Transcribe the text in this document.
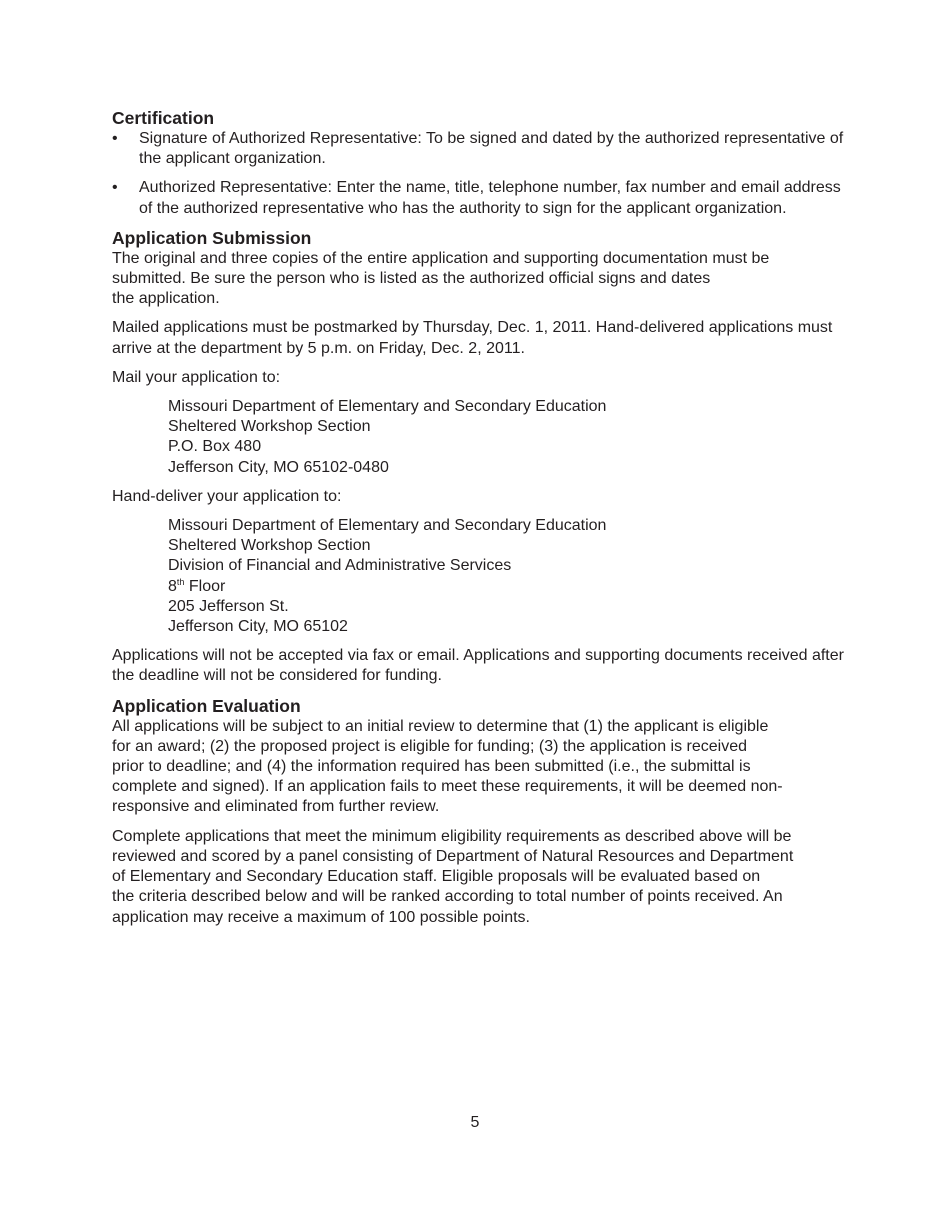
Certification
• Signature of Authorized Representative: To be signed and dated by the authorized representative of the applicant organization.
• Authorized Representative: Enter the name, title, telephone number, fax number and email address of the authorized representative who has the authority to sign for the applicant organization.
Application Submission

The original and three copies of the entire application and supporting documentation must be
submitted. Be sure the person who is listed as the authorized official signs and dates
the application.

Mailed applications must be postmarked by Thursday, Dec. 1, 2011. Hand-delivered applications must arrive at the department by 5 p.m. on Friday, Dec. 2, 2011.

Mail your application to:

Missouri Department of Elementary and Secondary Education
Sheltered Workshop Section
P.O. Box 480
Jefferson City, MO 65102-0480

Hand-deliver your application to:

Missouri Department of Elementary and Secondary Education
Sheltered Workshop Section
Division of Financial and Administrative Services
8th Floor
205 Jefferson St.
Jefferson City, MO 65102

Applications will not be accepted via fax or email. Applications and supporting documents received after the deadline will not be considered for funding.

Application Evaluation

All applications will be subject to an initial review to determine that (1) the applicant is eligible
for an award; (2) the proposed project is eligible for funding; (3) the application is received
prior to deadline; and (4) the information required has been submitted (i.e., the submittal is
complete and signed). If an application fails to meet these requirements, it will be deemed non-
responsive and eliminated from further review.

Complete applications that meet the minimum eligibility requirements as described above will be
reviewed and scored by a panel consisting of Department of Natural Resources and Department
of Elementary and Secondary Education staff. Eligible proposals will be evaluated based on
the criteria described below and will be ranked according to total number of points received. An
application may receive a maximum of 100 possible points.

5
